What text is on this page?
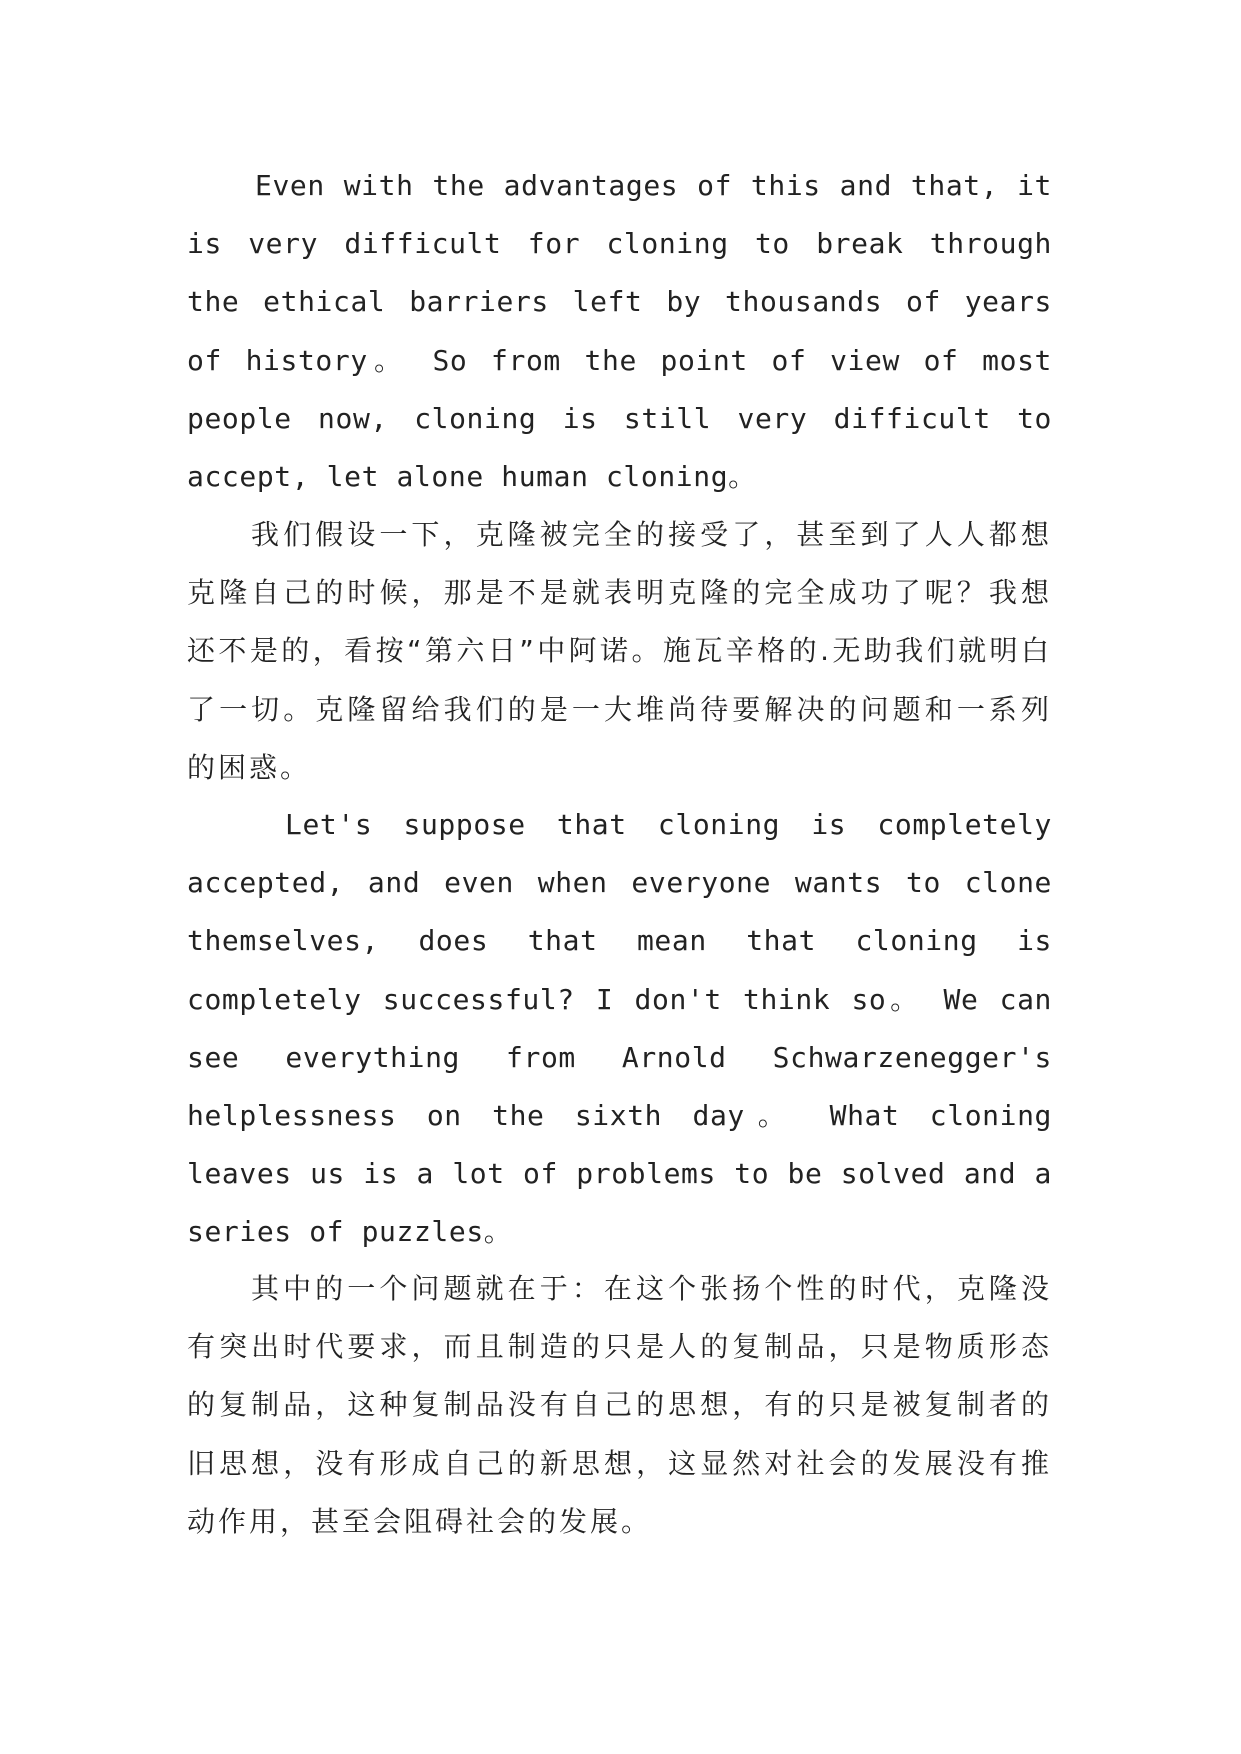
Even with the advantages of this and that, it is very difficult for cloning to break through the ethical barriers left by thousands of years of history。 So from the point of view of most people now, cloning is still very difficult to accept, let alone human cloning。

我们假设一下，克隆被完全的接受了，甚至到了人人都想克隆自己的时候，那是不是就表明克隆的完全成功了呢？我想还不是的，看按“第六日”中阿诺。施瓦辛格的.无助我们就明白了一切。克隆留给我们的是一大堆尚待要解决的问题和一系列的困惑。

Let's suppose that cloning is completely accepted, and even when everyone wants to clone themselves, does that mean that cloning is completely successful? I don't think so。 We can see everything from Arnold Schwarzenegger's helplessness on the sixth day。 What cloning leaves us is a lot of problems to be solved and a series of puzzles。

其中的一个问题就在于：在这个张扬个性的时代，克隆没有突出时代要求，而且制造的只是人的复制品，只是物质形态的复制品，这种复制品没有自己的思想，有的只是被复制者的旧思想，没有形成自己的新思想，这显然对社会的发展没有推动作用，甚至会阻碍社会的发展。
